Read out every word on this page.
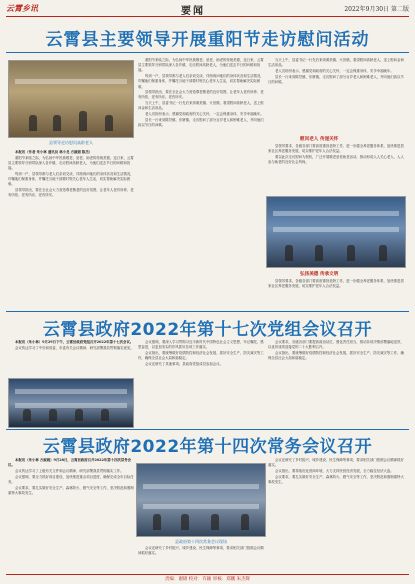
云霄乡讯	要闻	2022年9月30日 第二版
云霄县主要领导开展重阳节走访慰问活动
县领导走访慰问高龄老人

本报讯（作者 朱小林 通讯员 林小龙 方淑娟 陈杰）

重阳节来临之际，为弘扬中华民族敬老、爱老、助老的传统美德，连日来，云霄县主要领导分别带队深入各乡镇，走访慰问高龄老人，为他们送去节日的问候和祝福。

每到一户，县领导都与老人们亲切交谈，详细询问他们的身体状况和生活情况，叮嘱他们保重身体，并嘱托当地干部要时刻关心老年人生活，切实帮助解决实际困难。

县领导指出，要在全社会大力营造尊老敬老的良好氛围，让老年人老有所养、老有所依、老有所乐、老有所安。

重阳节来临之际，为弘扬中华民族敬老、爱老、助老的传统美德，连日来，云霄县主要领导分别带队深入各乡镇，走访慰问高龄老人，为他们送去节日的问候和祝福。

每到一户，县领导都与老人们亲切交谈，详细询问他们的身体状况和生活情况，叮嘱他们保重身体，并嘱托当地干部要时刻关心老年人生活，切实帮助解决实际困难。

县领导指出，要在全社会大力营造尊老敬老的良好氛围，让老年人老有所养、老有所依、老有所乐、老有所安。

当天上午，县委书记一行先后来到莆美镇、火田镇，看望慰问高龄老人，送上慰问金和生活用品。

老人们纷纷表示，感谢党和政府的关心关怀，一定会保重身体，安享幸福晚年。

县长一行来到陈岱镇、东厦镇，走访慰问了部分百岁老人和困难老人，并向他们致以节日的问候。

当天上午，县委书记一行先后来到莆美镇、火田镇，看望慰问高龄老人，送上慰问金和生活用品。

老人们纷纷表示，感谢党和政府的关心关怀，一定会保重身体，安享幸福晚年。

县长一行来到陈岱镇、东厦镇，走访慰问了部分百岁老人和困难老人，并向他们致以节日的问候。

慰问老人 传递关怀

县领导要求，各级各部门要高度重视老龄工作，进一步健全养老服务体系，加快推进居家社区养老服务发展，切实维护老年人合法权益。

要以此次走访慰问为契机，广泛开展敬老爱老助老活动，推动形成人人关心老人、人人参与助老的良好社会风尚。

弘扬美德 传承文明

县领导要求，各级各部门要高度重视老龄工作，进一步健全养老服务体系，加快推进居家社区养老服务发展，切实维护老年人合法权益。

云霄县政府2022年第十七次党组会议召开

本报讯（朱小林）9月29日下午，云霄县政府党组召开2022年第十七次会议。

会议传达学习了中央和省委、市委有关会议精神，研究部署我县贯彻落实意见。

会议强调，要深入学习贯彻习近平新时代中国特色社会主义思想，牢记嘱托、感恩奋进，以更加务实的作风抓好各项工作落实。

会议指出，要统筹做好疫情防控和经济社会发展，抓好安全生产、防灾减灾等工作，确保全县社会大局和谐稳定。

会议还研究了其他事项。县政府党组成员参加会议。

会议要求，各级各部门要提高政治站位，强化责任担当，推动各项决策部署落地见效，以优异成绩迎接党的二十大胜利召开。

会议指出，要统筹做好疫情防控和经济社会发展，抓好安全生产、防灾减灾等工作，确保全县社会大局和谐稳定。

云霄县政府2022年第十四次常务会议召开

本报讯（朱小林 方淑娟）9月28日，云霄县政府召开2022年第十四次常务会议。

会议传达学习了上级有关文件和会议精神，研究部署我县贯彻落实工作。

会议强调，要全力抓好项目建设，加快推进重点项目进度，确保完成全年目标任务。

会议要求，要扎实做好安全生产、森林防火、燃气安全等工作，坚决防范和遏制重特大事故发生。

县政府第十四次常务会议现场

会议还研究了乡村振兴、城乡建设、民生保障等事项，要求相关部门按照会议精神抓好落实。

会议还研究了乡村振兴、城乡建设、民生保障等事项，要求相关部门按照会议精神抓好落实。

会议指出，要持续优化营商环境，大力支持民营经济发展，全力稳住经济大盘。

会议要求，要扎实做好安全生产、森林防火、燃气安全等工作，坚决防范和遏制重特大事故发生。

责编：谢锦 校对：许颖 审核：郑鹏 朱杰辉
